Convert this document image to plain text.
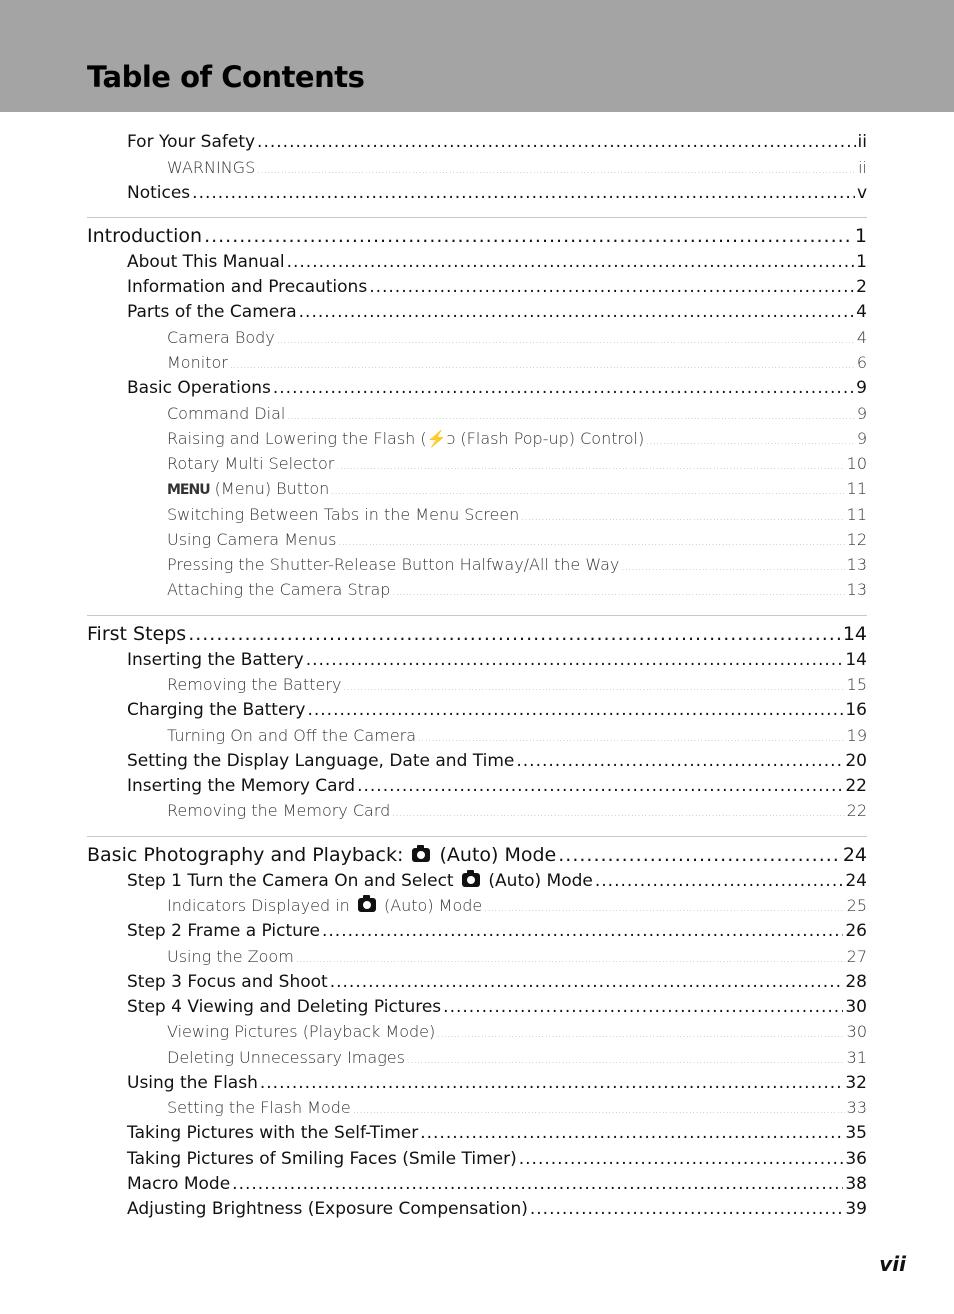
Table of Contents
For Your Safety .....	ii
WARNINGS .....	ii
Notices .....	v
Introduction .....	1
About This Manual .....	1
Information and Precautions .....	2
Parts of the Camera .....	4
Camera Body .....	4
Monitor .....	6
Basic Operations .....	9
Command Dial .....	9
Raising and Lowering the Flash (⚡ↄ (Flash Pop-up) Control) .....	9
Rotary Multi Selector .....	10
MENU (Menu) Button .....	11
Switching Between Tabs in the Menu Screen .....	11
Using Camera Menus .....	12
Pressing the Shutter-Release Button Halfway/All the Way .....	13
Attaching the Camera Strap .....	13
First Steps .....	14
Inserting the Battery .....	14
Removing the Battery .....	15
Charging the Battery .....	16
Turning On and Off the Camera .....	19
Setting the Display Language, Date and Time .....	20
Inserting the Memory Card .....	22
Removing the Memory Card .....	22
Basic Photography and Playback:  (Auto) Mode .....	24
Step 1 Turn the Camera On and Select  (Auto) Mode .....	24
Indicators Displayed in  (Auto) Mode .....	25
Step 2 Frame a Picture .....	26
Using the Zoom .....	27
Step 3 Focus and Shoot .....	28
Step 4 Viewing and Deleting Pictures .....	30
Viewing Pictures (Playback Mode) .....	30
Deleting Unnecessary Images .....	31
Using the Flash .....	32
Setting the Flash Mode .....	33
Taking Pictures with the Self-Timer .....	35
Taking Pictures of Smiling Faces (Smile Timer) .....	36
Macro Mode .....	38
Adjusting Brightness (Exposure Compensation) .....	39
vii
